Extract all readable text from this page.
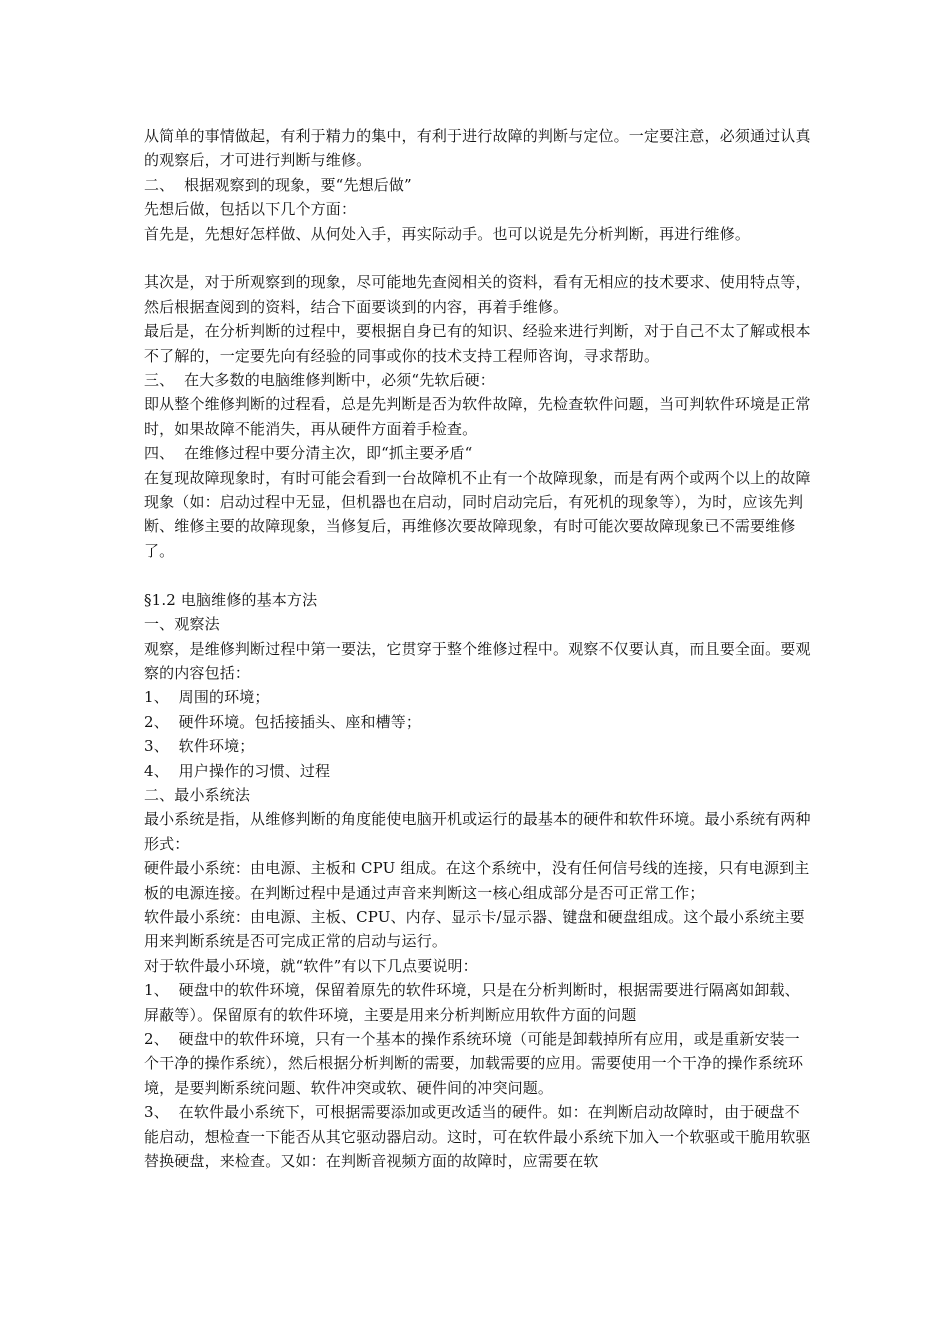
从简单的事情做起，有利于精力的集中，有利于进行故障的判断与定位。一定要注意，必须通过认真的观察后，才可进行判断与维修。

二、  根据观察到的现象，要“先想后做”

先想后做，包括以下几个方面：

首先是，先想好怎样做、从何处入手，再实际动手。也可以说是先分析判断，再进行维修。

其次是，对于所观察到的现象，尽可能地先查阅相关的资料，看有无相应的技术要求、使用特点等，然后根据查阅到的资料，结合下面要谈到的内容，再着手维修。

最后是，在分析判断的过程中，要根据自身已有的知识、经验来进行判断，对于自己不太了解或根本不了解的，一定要先向有经验的同事或你的技术支持工程师咨询，寻求帮助。

三、  在大多数的电脑维修判断中，必须“先软后硬：

即从整个维修判断的过程看，总是先判断是否为软件故障，先检查软件问题，当可判软件环境是正常时，如果故障不能消失，再从硬件方面着手检查。

四、  在维修过程中要分清主次，即“抓主要矛盾“

在复现故障现象时，有时可能会看到一台故障机不止有一个故障现象，而是有两个或两个以上的故障现象（如：启动过程中无显，但机器也在启动，同时启动完后，有死机的现象等），为时，应该先判断、维修主要的故障现象，当修复后，再维修次要故障现象，有时可能次要故障现象已不需要维修了。

§1.2 电脑维修的基本方法

一、观察法

观察，是维修判断过程中第一要法，它贯穿于整个维修过程中。观察不仅要认真，而且要全面。要观察的内容包括：

1、  周围的环境；

2、  硬件环境。包括接插头、座和槽等；

3、  软件环境；

4、  用户操作的习惯、过程

二、最小系统法

最小系统是指，从维修判断的角度能使电脑开机或运行的最基本的硬件和软件环境。最小系统有两种形式：

硬件最小系统：由电源、主板和 CPU 组成。在这个系统中，没有任何信号线的连接，只有电源到主板的电源连接。在判断过程中是通过声音来判断这一核心组成部分是否可正常工作；

软件最小系统：由电源、主板、CPU、内存、显示卡/显示器、键盘和硬盘组成。这个最小系统主要用来判断系统是否可完成正常的启动与运行。

对于软件最小环境，就“软件”有以下几点要说明：

1、  硬盘中的软件环境，保留着原先的软件环境，只是在分析判断时，根据需要进行隔离如卸载、屏蔽等）。保留原有的软件环境，主要是用来分析判断应用软件方面的问题

2、  硬盘中的软件环境，只有一个基本的操作系统环境（可能是卸载掉所有应用，或是重新安装一个干净的操作系统），然后根据分析判断的需要，加载需要的应用。需要使用一个干净的操作系统环境，是要判断系统问题、软件冲突或软、硬件间的冲突问题。

3、  在软件最小系统下，可根据需要添加或更改适当的硬件。如：在判断启动故障时，由于硬盘不能启动，想检查一下能否从其它驱动器启动。这时，可在软件最小系统下加入一个软驱或干脆用软驱替换硬盘，来检查。又如：在判断音视频方面的故障时，应需要在软
